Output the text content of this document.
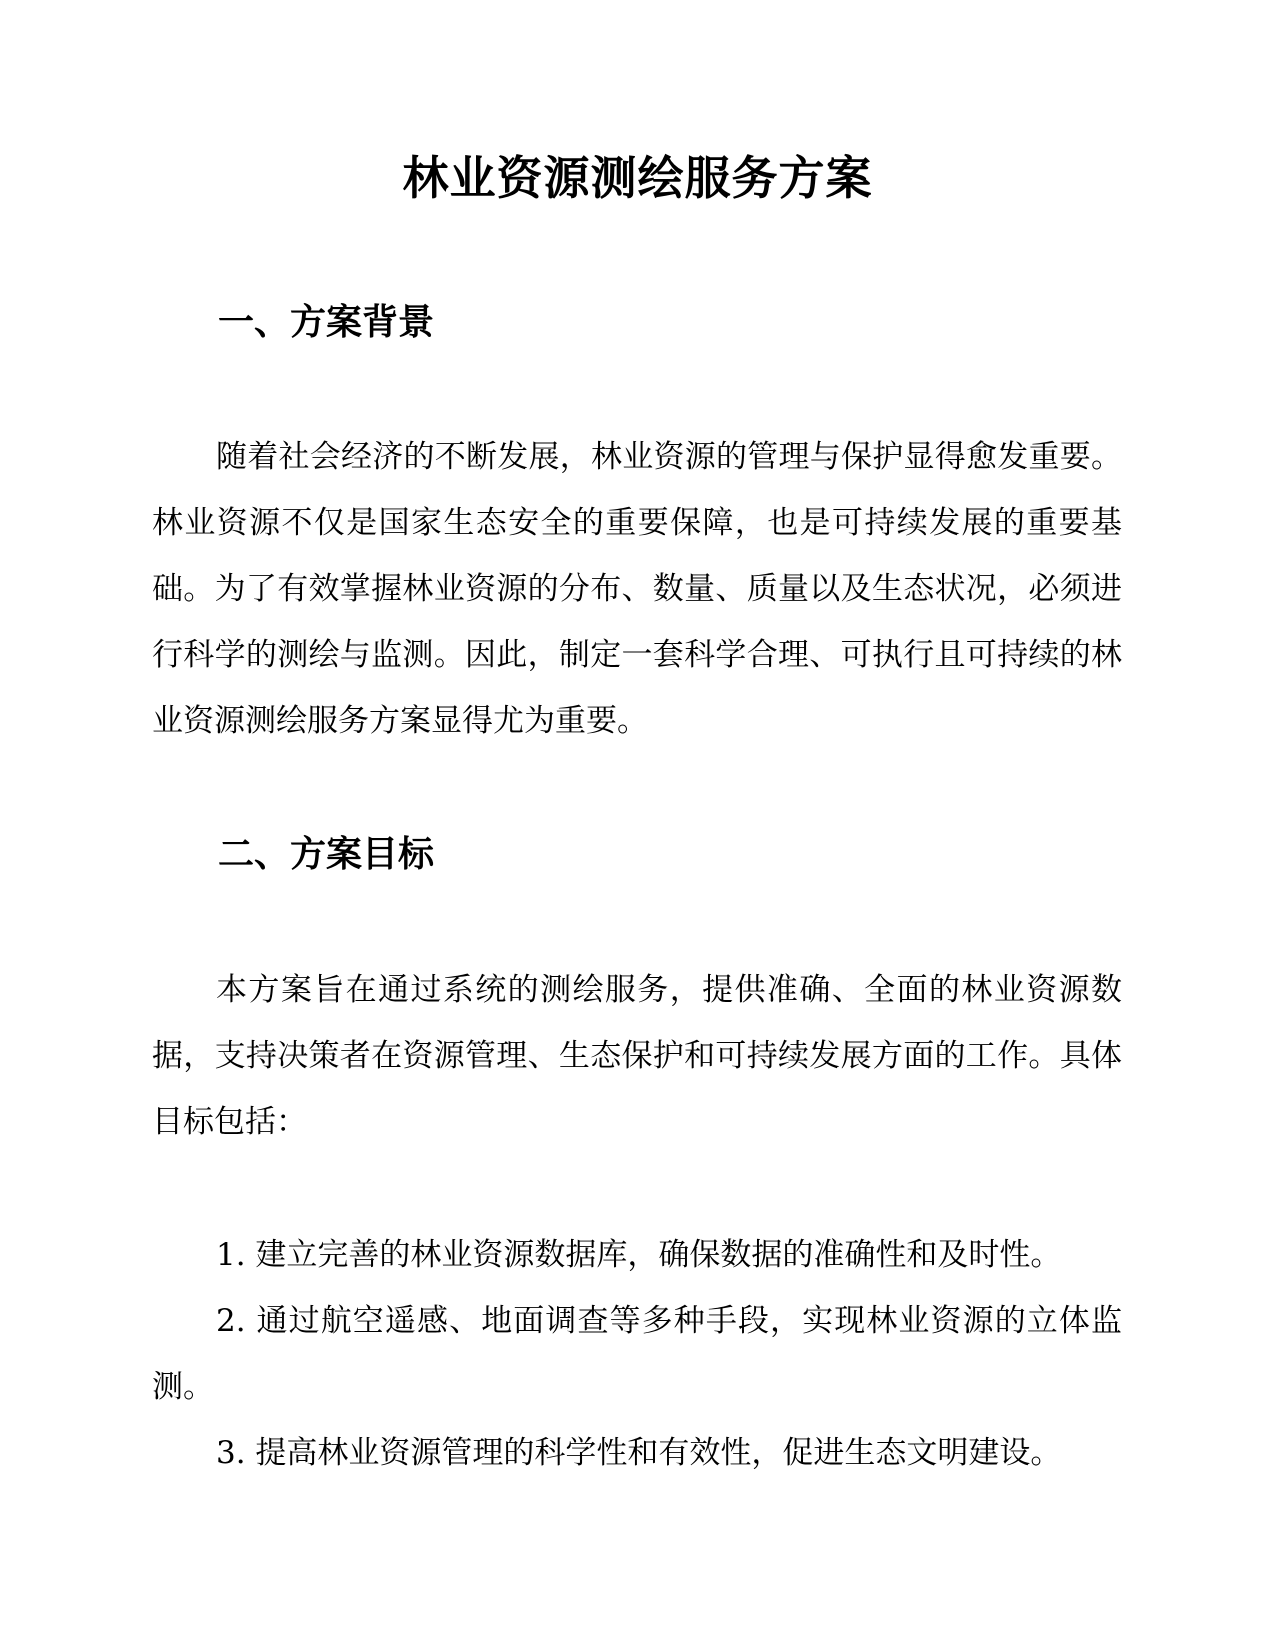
林业资源测绘服务方案
一、方案背景

随着社会经济的不断发展，林业资源的管理与保护显得愈发重要。林业资源不仅是国家生态安全的重要保障，也是可持续发展的重要基础。为了有效掌握林业资源的分布、数量、质量以及生态状况，必须进行科学的测绘与监测。因此，制定一套科学合理、可执行且可持续的林业资源测绘服务方案显得尤为重要。

二、方案目标

本方案旨在通过系统的测绘服务，提供准确、全面的林业资源数据，支持决策者在资源管理、生态保护和可持续发展方面的工作。具体目标包括：

1. 建立完善的林业资源数据库，确保数据的准确性和及时性。
2. 通过航空遥感、地面调查等多种手段，实现林业资源的立体监测。
3. 提高林业资源管理的科学性和有效性，促进生态文明建设。
